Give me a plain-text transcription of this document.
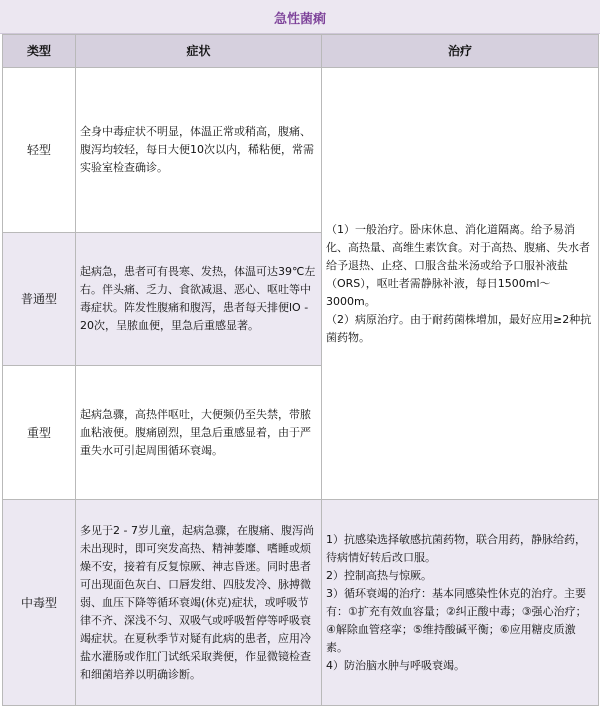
急性菌痢
类型	症状	治疗
轻型	全身中毒症状不明显，体温正常或稍高，腹痛、腹泻均较轻，每日大便10次以内，稀粘便，常需实验室检查确诊。	（1）一般治疗。卧床休息、消化道隔离。给予易消化、高热量、高维生素饮食。对于高热、腹痛、失水者给予退热、止痉、口服含盐米汤或给予口服补液盐（ORS），呕吐者需静脉补液，每日1500ml～3000m。

（2）病原治疗。由于耐药菌株增加，最好应用≥2种抗菌药物。

普通型	起病急，患者可有畏寒、发热，体温可达39℃左右。伴头痛、乏力、食欲减退、恶心、呕吐等中毒症状。阵发性腹痛和腹泻，患者每天排便lO - 20次，呈脓血便，里急后重感显著。	
重型	起病急骤，高热伴呕吐，大便频仍至失禁，带脓血粘液便。腹痛剧烈，里急后重感显着，由于严重失水可引起周围循环衰竭。	
中毒型	多见于2 - 7岁儿童，起病急骤，在腹痛、腹泻尚未出现时，即可突发高热、精神萎靡、嗜睡或烦燥不安，接着有反复惊厥、神志昏迷。同时患者可出现面色灰白、口唇发绀、四肢发冷、脉搏微弱、血压下降等循环衰竭(休克)症状，或呼吸节律不齐、深浅不匀、双吸气或呼吸暂停等呼吸衰竭症状。在夏秋季节对疑有此病的患者，应用冷盐水灌肠或作肛门试纸采取粪便，作显微镜检查和细菌培养以明确诊断。	1）抗感染选择敏感抗菌药物，联合用药，静脉给药，待病情好转后改口服。

2）控制高热与惊厥。

3）循环衰竭的治疗：基本同感染性休克的治疗。主要有：①扩充有效血容量；②纠正酸中毒；③强心治疗；④解除血管痉挛；⑤维持酸碱平衡；⑥应用糖皮质激素。

4）防治脑水肿与呼吸衰竭。
